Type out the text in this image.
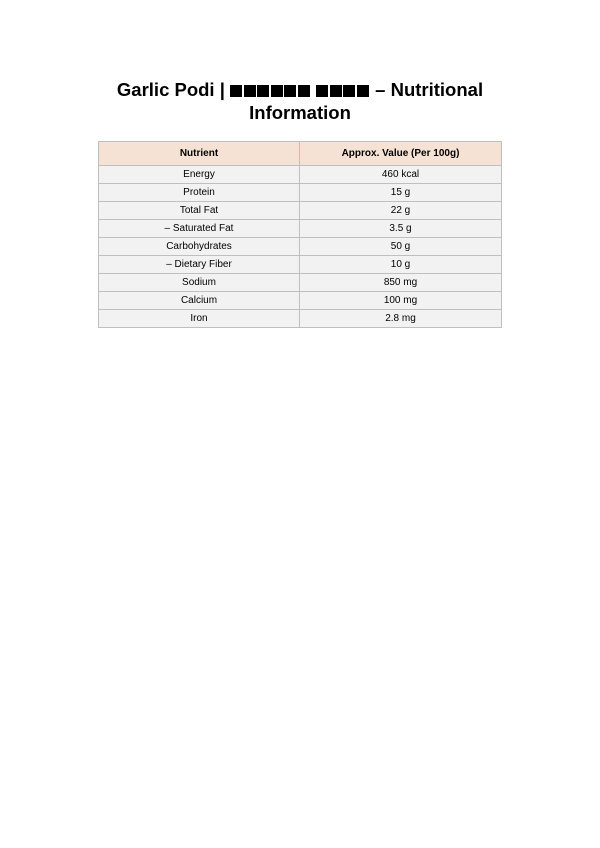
Garlic Podi |	– Nutritional
Information
Nutrient	Approx. Value (Per 100g)
Energy	460 kcal
Protein	15 g
Total Fat	22 g
– Saturated Fat	3.5 g
Carbohydrates	50 g
– Dietary Fiber	10 g
Sodium	850 mg
Calcium	100 mg
Iron	2.8 mg
